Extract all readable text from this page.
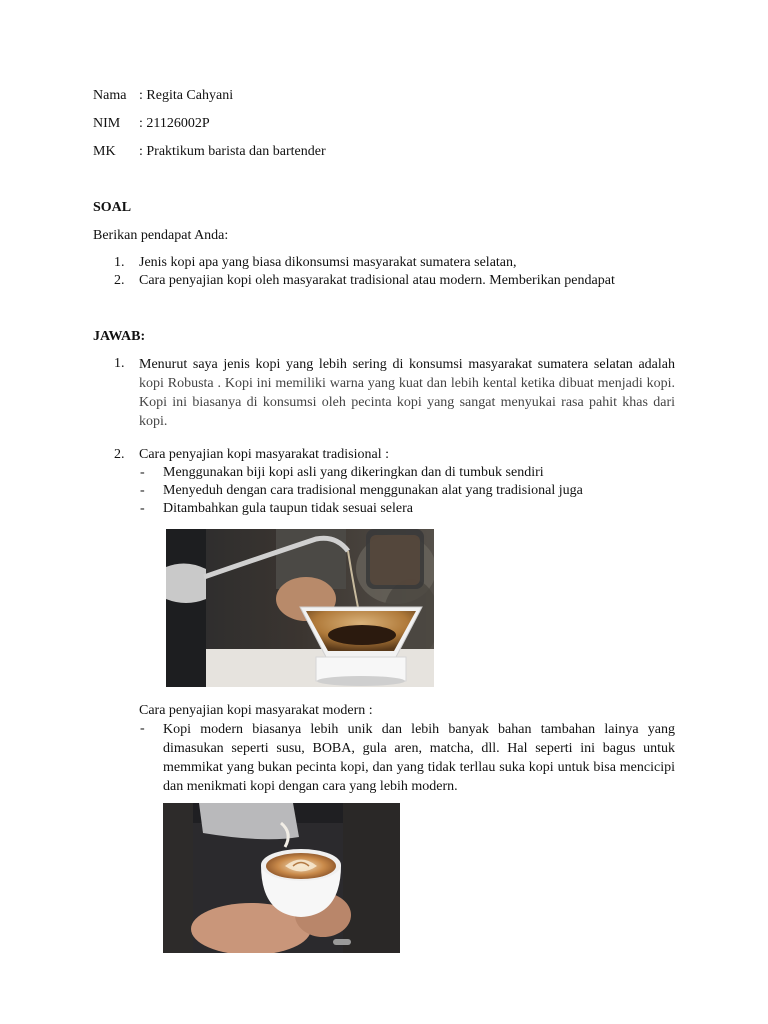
Nama : Regita Cahyani
NIM : 21126002P
MK : Praktikum barista dan bartender
SOAL
Berikan pendapat Anda:
1. Jenis kopi apa yang biasa dikonsumsi masyarakat sumatera selatan,
2. Cara penyajian kopi oleh masyarakat tradisional atau modern. Memberikan pendapat
JAWAB:
1. Menurut saya jenis kopi yang lebih sering di konsumsi masyarakat sumatera selatan adalah kopi Robusta . Kopi ini memiliki warna yang kuat dan lebih kental ketika dibuat menjadi kopi. Kopi ini biasanya di konsumsi oleh pecinta kopi yang sangat menyukai rasa pahit khas dari kopi.
2. Cara penyajian kopi masyarakat tradisional :
- Menggunakan biji kopi asli yang dikeringkan dan di tumbuk sendiri
- Menyeduh dengan cara tradisional menggunakan alat yang tradisional juga
- Ditambahkan gula taupun tidak sesuai selera
Cara penyajian kopi masyarakat modern :
- Kopi modern biasanya lebih unik dan lebih banyak bahan tambahan lainya yang dimasukan seperti susu, BOBA, gula aren, matcha, dll. Hal seperti ini bagus untuk memmikat yang bukan pecinta kopi, dan yang tidak terllau suka kopi untuk bisa mencicipi dan menikmati kopi dengan cara yang lebih modern.
